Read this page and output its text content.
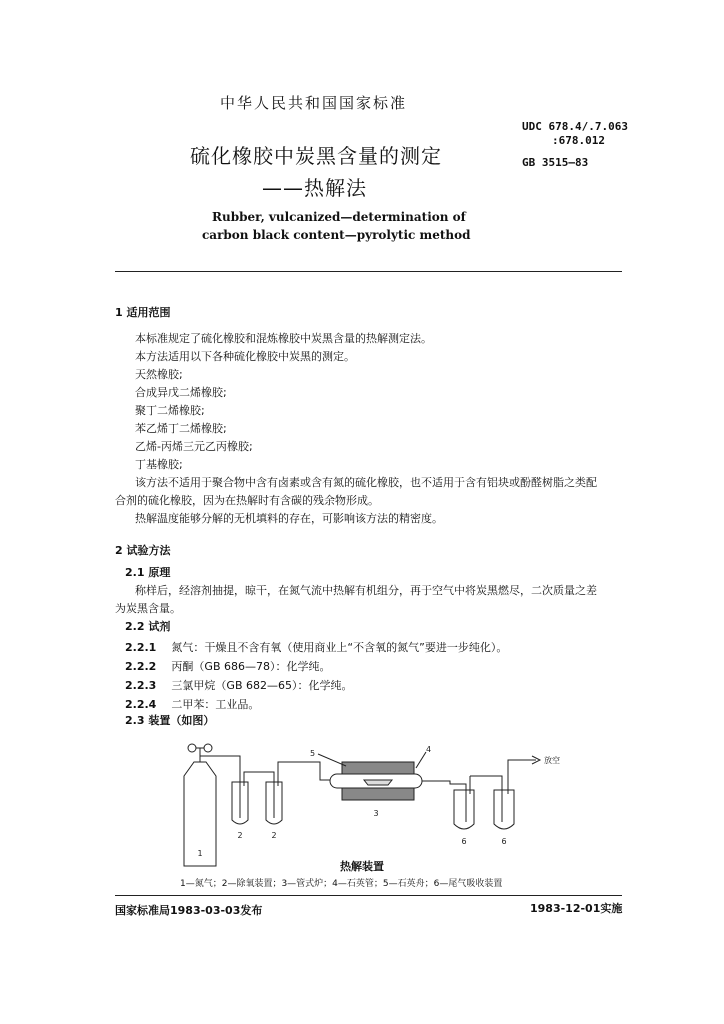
中华人民共和国国家标准
UDC 678.4/.7.063
:678.012
GB 3515—83
硫化橡胶中炭黑含量的测定
——热解法
Rubber, vulcanized—determination of
carbon black content—pyrolytic method
1 适用范围
本标准规定了硫化橡胶和混炼橡胶中炭黑含量的热解测定法。
本方法适用以下各种硫化橡胶中炭黑的测定。
天然橡胶;
合成异戊二烯橡胶;
聚丁二烯橡胶;
苯乙烯丁二烯橡胶;
乙烯-丙烯三元乙丙橡胶;
丁基橡胶;
该方法不适用于聚合物中含有卤素或含有氮的硫化橡胶，也不适用于含有铝块或酚醛树脂之类配
合剂的硫化橡胶，因为在热解时有含碳的残余物形成。
热解温度能够分解的无机填料的存在，可影响该方法的精密度。
2 试验方法
2.1 原理
称样后，经溶剂抽提，晾干，在氮气流中热解有机组分，再于空气中将炭黑燃尽，二次质量之差
为炭黑含量。
2.2 试剂
2.2.1 氮气：干燥且不含有氧（使用商业上“不含氧的氮气”要进一步纯化）。
2.2.2 丙酮（GB 686—78）：化学纯。
2.2.3 三氯甲烷（GB 682—65）：化学纯。
2.2.4 二甲苯：工业品。
2.3 装置（如图）
1
2	2
5	4
3
6
放空
6
热解装置
1—氮气；2—除氧装置；3—管式炉；4—石英管；5—石英舟；6—尾气吸收装置
国家标准局1983-03-03发布	1983-12-01实施
